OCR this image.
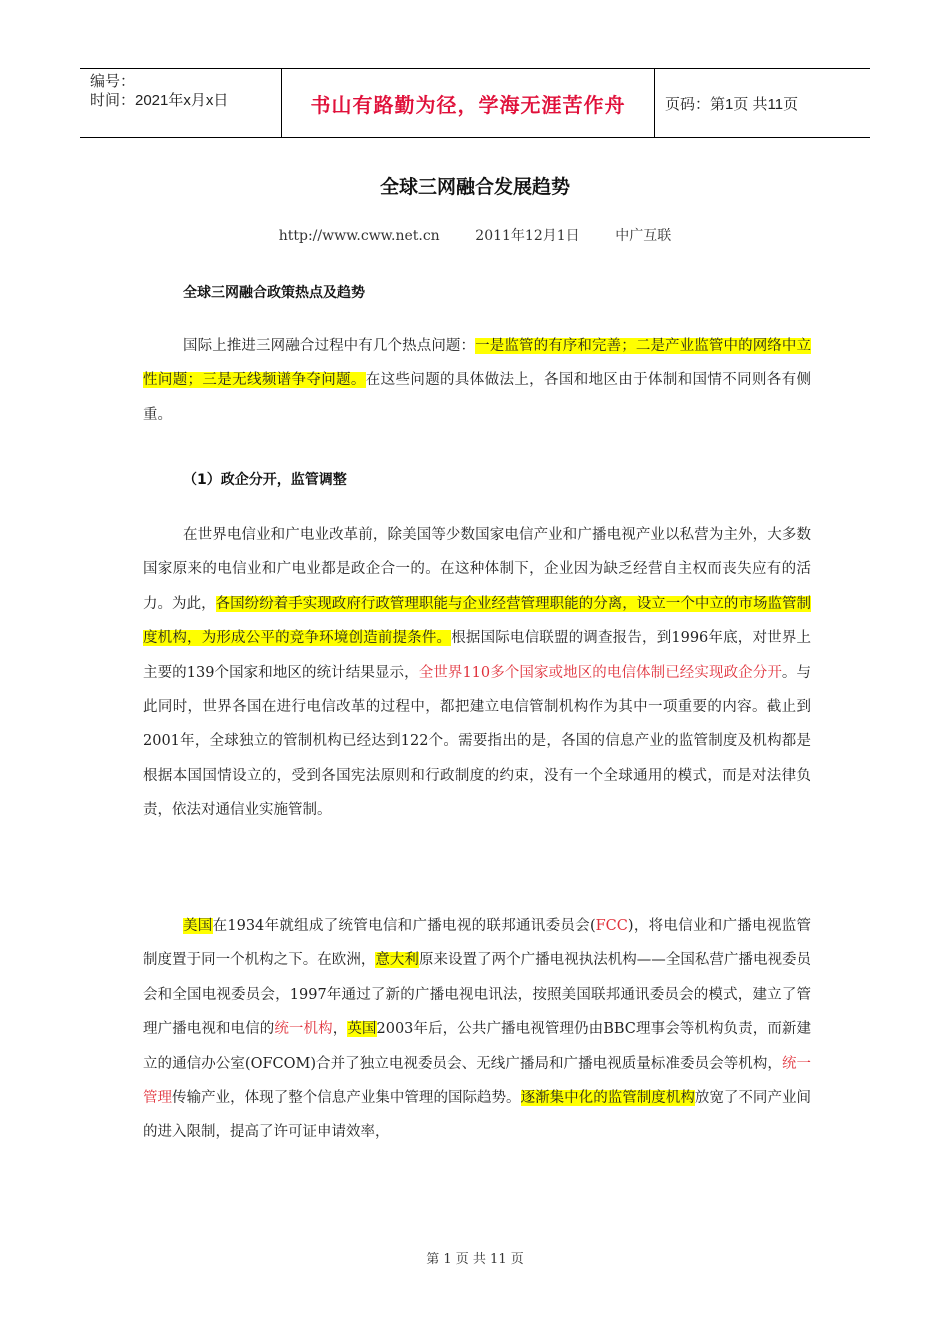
编号：
时间：2021年x月x日	书山有路勤为径，学海无涯苦作舟	页码：第1页 共11页
全球三网融合发展趋势
http://www.cww.net.cn	2011年12月1日	中广互联
全球三网融合政策热点及趋势

国际上推进三网融合过程中有几个热点问题：一是监管的有序和完善；二是产业监管中的网络中立性问题；三是无线频谱争夺问题。在这些问题的具体做法上，各国和地区由于体制和国情不同则各有侧重。

（1）政企分开，监管调整

在世界电信业和广电业改革前，除美国等少数国家电信产业和广播电视产业以私营为主外，大多数国家原来的电信业和广电业都是政企合一的。在这种体制下，企业因为缺乏经营自主权而丧失应有的活力。为此，各国纷纷着手实现政府行政管理职能与企业经营管理职能的分离，设立一个中立的市场监管制度机构，为形成公平的竞争环境创造前提条件。根据国际电信联盟的调查报告，到1996年底，对世界上主要的139个国家和地区的统计结果显示，全世界110多个国家或地区的电信体制已经实现政企分开。与此同时，世界各国在进行电信改革的过程中，都把建立电信管制机构作为其中一项重要的内容。截止到2001年，全球独立的管制机构已经达到122个。需要指出的是，各国的信息产业的监管制度及机构都是根据本国国情设立的，受到各国宪法原则和行政制度的约束，没有一个全球通用的模式，而是对法律负责，依法对通信业实施管制。

美国在1934年就组成了统管电信和广播电视的联邦通讯委员会(FCC)，将电信业和广播电视监管制度置于同一个机构之下。在欧洲，意大利原来设置了两个广播电视执法机构——全国私营广播电视委员会和全国电视委员会，1997年通过了新的广播电视电讯法，按照美国联邦通讯委员会的模式，建立了管理广播电视和电信的统一机构，英国2003年后，公共广播电视管理仍由BBC理事会等机构负责，而新建立的通信办公室(OFCOM)合并了独立电视委员会、无线广播局和广播电视质量标准委员会等机构，统一管理传输产业，体现了整个信息产业集中管理的国际趋势。逐渐集中化的监管制度机构放宽了不同产业间的进入限制，提高了许可证申请效率，

第 1 页 共 11 页
